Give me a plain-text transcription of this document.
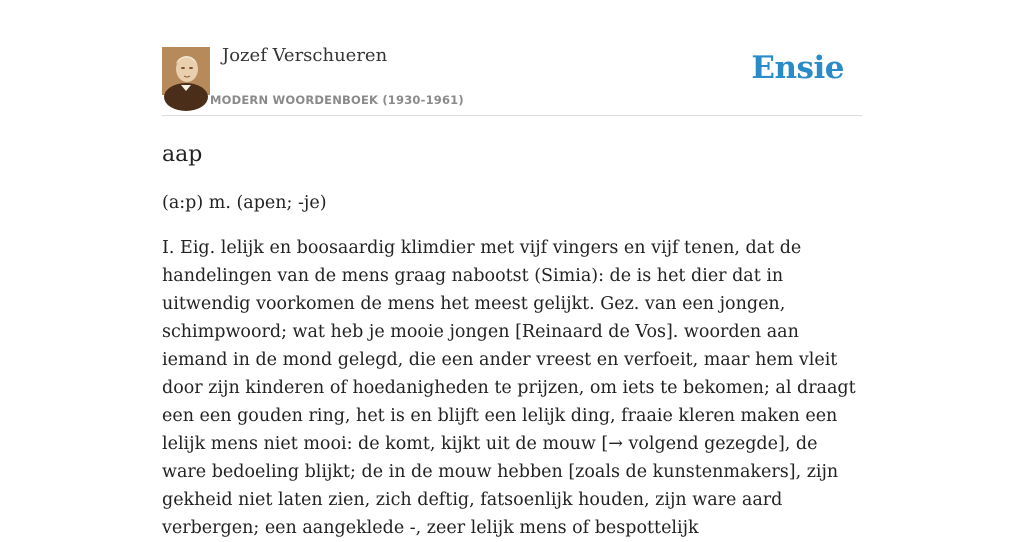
Jozef Verschueren
MODERN WOORDENBOEK (1930-1961)
Ensie
aap

(a:p) m. (apen; -je)

I. Eig. lelijk en boosaardig klimdier met vijf vingers en vijf tenen, dat de handelingen van de mens graag nabootst (Simia): de is het dier dat in uitwendig voorkomen de mens het meest gelijkt. Gez. van een jongen, schimpwoord; wat heb je mooie jongen [Reinaard de Vos]. woorden aan iemand in de mond gelegd, die een ander vreest en verfoeit, maar hem vleit door zijn kinderen of hoedanigheden te prijzen, om iets te bekomen; al draagt een een gouden ring, het is en blijft een lelijk ding, fraaie kleren maken een lelijk mens niet mooi: de komt, kijkt uit de mouw [→ volgend gezegde], de ware bedoeling blijkt; de in de mouw hebben [zoals de kunstenmakers], zijn gekheid niet laten zien, zich deftig, fatsoenlijk houden, zijn ware aard verbergen; een aangeklede -, zeer lelijk mens of bespottelijk
